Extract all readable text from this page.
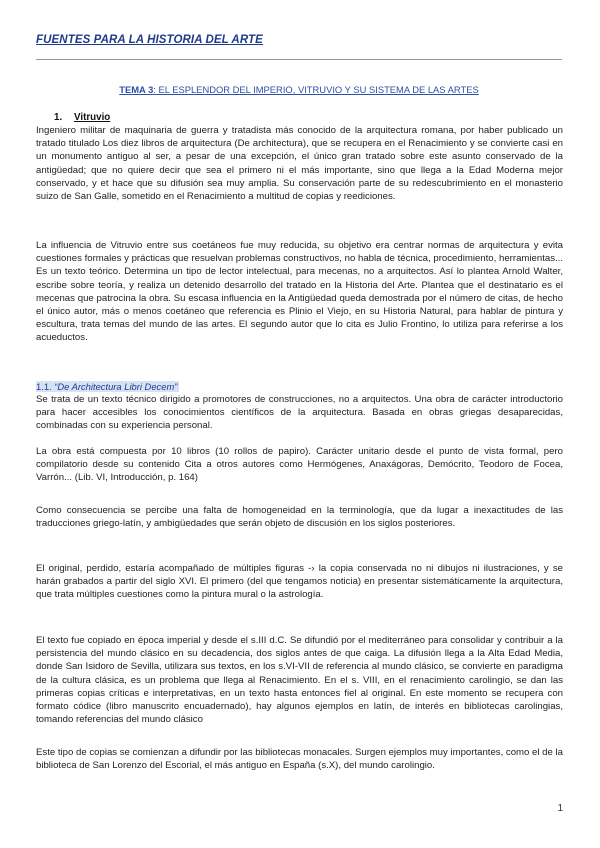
FUENTES PARA LA HISTORIA DEL ARTE
TEMA 3: EL ESPLENDOR DEL IMPERIO, VITRUVIO Y SU SISTEMA DE LAS ARTES
1. Vitruvio

Ingeniero militar de maquinaria de guerra y tratadista más conocido de la arquitectura romana, por haber publicado un tratado titulado Los diez libros de arquitectura (De architectura), que se recupera en el Renacimiento y se convierte casi en un monumento antiguo al ser, a pesar de una excepción, el único gran tratado sobre este asunto conservado de la antigüedad; que no quiere decir que sea el primero ni el más importante, sino que llega a la Edad Moderna mejor conservado, y et hace que su difusión sea muy amplia. Su conservación parte de su redescubrimiento en el monasterio suizo de San Galle, sometido en el Renacimiento a multitud de copias y reediciones.

La influencia de Vitruvio entre sus coetáneos fue muy reducida, su objetivo era centrar normas de arquitectura y evita cuestiones formales y prácticas que resuelvan problemas constructivos, no habla de técnica, procedimiento, herramientas... Es un texto teórico. Determina un tipo de lector intelectual, para mecenas, no a arquitectos. Así lo plantea Arnold Walter, escribe sobre teoría, y realiza un detenido desarrollo del tratado en la Historia del Arte. Plantea que el destinatario es el mecenas que patrocina la obra. Su escasa influencia en la Antigüedad queda demostrada por el número de citas, de hecho el único autor, más o menos coetáneo que referencia es Plinio el Viejo, en su Historia Natural, para hablar de pintura y escultura, trata temas del mundo de las artes. El segundo autor que lo cita es Julio Frontino, lo utiliza para referirse a los acueductos.

1.1. “De Architectura Libri Decem”

Se trata de un texto técnico dirigido a promotores de construcciones, no a arquitectos. Una obra de carácter introductorio para hacer accesibles los conocimientos científicos de la arquitectura. Basada en obras griegas desaparecidas, combinadas con su experiencia personal.

La obra está compuesta por 10 libros (10 rollos de papiro). Carácter unitario desde el punto de vista formal, pero compilatorio desde su contenido Cita a otros autores como Hermógenes, Anaxágoras, Demócrito, Teodoro de Focea, Varrón... (Lib. VI, Introducción, p. 164)

Como consecuencia se percibe una falta de homogeneidad en la terminología, que da lugar a inexactitudes de las traducciones griego-latín, y ambigüedades que serán objeto de discusión en los siglos posteriores.

El original, perdido, estaría acompañado de múltiples figuras -› la copia conservada no ni dibujos ni ilustraciones, y se harán grabados a partir del siglo XVI. El primero (del que tengamos noticia) en presentar sistemáticamente la arquitectura, que trata múltiples cuestiones como la pintura mural o la astrología.

El texto fue copiado en época imperial y desde el s.III d.C. Se difundió por el mediterráneo para consolidar y contribuir a la persistencia del mundo clásico en su decadencia, dos siglos antes de que caiga. La difusión llega a la Alta Edad Media, donde San Isidoro de Sevilla, utilizara sus textos, en los s.VI-VII de referencia al mundo clásico, se convierte en paradigma de la cultura clásica, es un problema que llega al Renacimiento. En el s. VIII, en el renacimiento carolingio, se dan las primeras copias críticas e interpretativas, en un texto hasta entonces fiel al original. En este momento se recupera con formato códice (libro manuscrito encuadernado), hay algunos ejemplos en latín, de interés en bibliotecas carolingias, tomando referencias del mundo clásico

Este tipo de copias se comienzan a difundir por las bibliotecas monacales. Surgen ejemplos muy importantes, como el de la biblioteca de San Lorenzo del Escorial, el más antiguo en España (s.X), del mundo carolingio.

1
